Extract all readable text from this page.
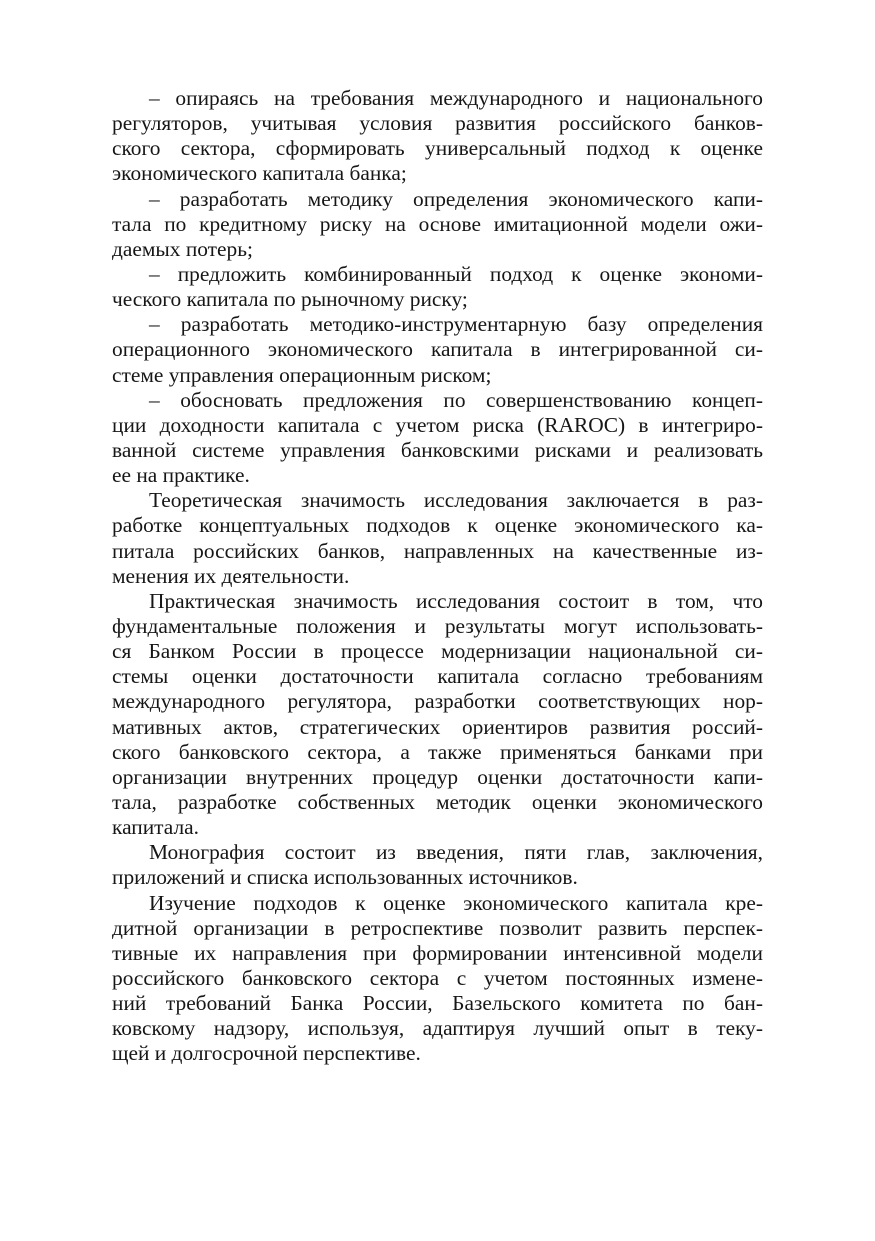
– опираясь на требования международного и национального
регуляторов, учитывая условия развития российского банков-
ского сектора, сформировать универсальный подход к оценке
экономического капитала банка;

– разработать методику определения экономического капи-
тала по кредитному риску на основе имитационной модели ожи-
даемых потерь;

– предложить комбинированный подход к оценке экономи-
ческого капитала по рыночному риску;

– разработать методико-инструментарную базу определения
операционного экономического капитала в интегрированной си-
стеме управления операционным риском;

– обосновать предложения по совершенствованию концеп-
ции доходности капитала с учетом риска (RAROC) в интегриро-
ванной системе управления банковскими рисками и реализовать
ее на практике.

Теоретическая значимость исследования заключается в раз-
работке концептуальных подходов к оценке экономического ка-
питала российских банков, направленных на качественные из-
менения их деятельности.

Практическая значимость исследования состоит в том, что
фундаментальные положения и результаты могут использовать-
ся Банком России в процессе модернизации национальной си-
стемы оценки достаточности капитала согласно требованиям
международного регулятора, разработки соответствующих нор-
мативных актов, стратегических ориентиров развития россий-
ского банковского сектора, а также применяться банками при
организации внутренних процедур оценки достаточности капи-
тала, разработке собственных методик оценки экономического
капитала.

Монография состоит из введения, пяти глав, заключения,
приложений и списка использованных источников.

Изучение подходов к оценке экономического капитала кре-
дитной организации в ретроспективе позволит развить перспек-
тивные их направления при формировании интенсивной модели
российского банковского сектора с учетом постоянных измене-
ний требований Банка России, Базельского комитета по бан-
ковскому надзору, используя, адаптируя лучший опыт в теку-
щей и долгосрочной перспективе.
